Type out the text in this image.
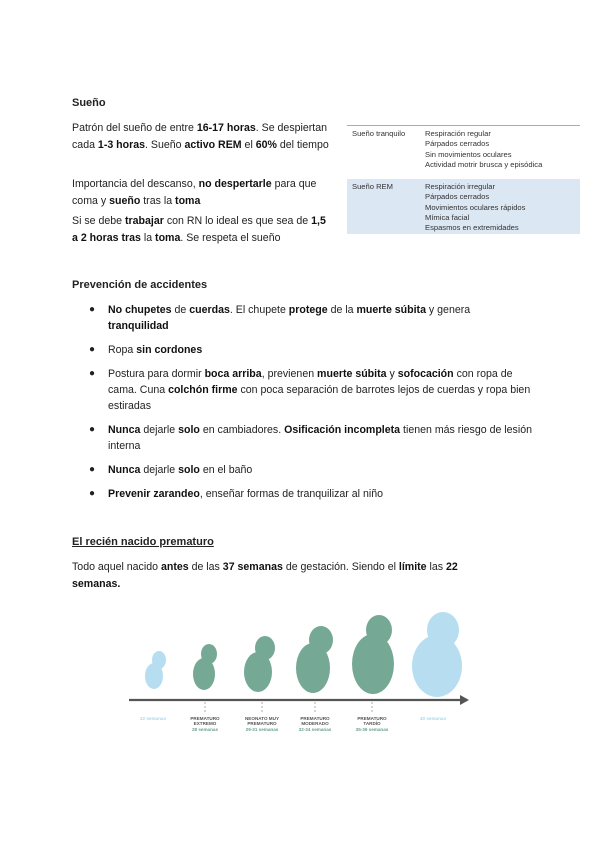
Sueño

Patrón del sueño de entre 16-17 horas. Se despiertan cada 1-3 horas. Sueño activo REM el 60% del tiempo

Importancia del descanso, no despertarle para que coma y sueño tras la toma

Si se debe trabajar con RN lo ideal es que sea de 1,5 a 2 horas tras la toma. Se respeta el sueño

Sueño tranquilo	Respiración regular
Párpados cerrados
Sin movimientos oculares
Actividad motrir brusca y episódica
Sueño REM	Respiración irregular
Párpados cerrados
Movimientos oculares rápidos
Mímica facial
Espasmos en extremidades
Prevención de accidentes
● No chupetes de cuerdas. El chupete protege de la muerte súbita y genera tranquilidad
● Ropa sin cordones
● Postura para dormir boca arriba, previenen muerte súbita y sofocación con ropa de cama. Cuna colchón firme con poca separación de barrotes lejos de cuerdas y ropa bien estiradas
● Nunca dejarle solo en cambiadores. Osificación incompleta tienen más riesgo de lesión interna
● Nunca dejarle solo en el baño
● Prevenir zarandeo, enseñar formas de tranquilizar al niño
El recién nacido prematuro

Todo aquel nacido antes de las 37 semanas de gestación. Siendo el límite las 22 semanas.

22 semanas	PREMATURO EXTREMO
28 semanas
NEONATO MUY PREMATURO
29-31 semanas
PREMATURO MODERADO
32-34 semanas
PREMATURO TARDÍO
35-36 semanas
40 semanas
